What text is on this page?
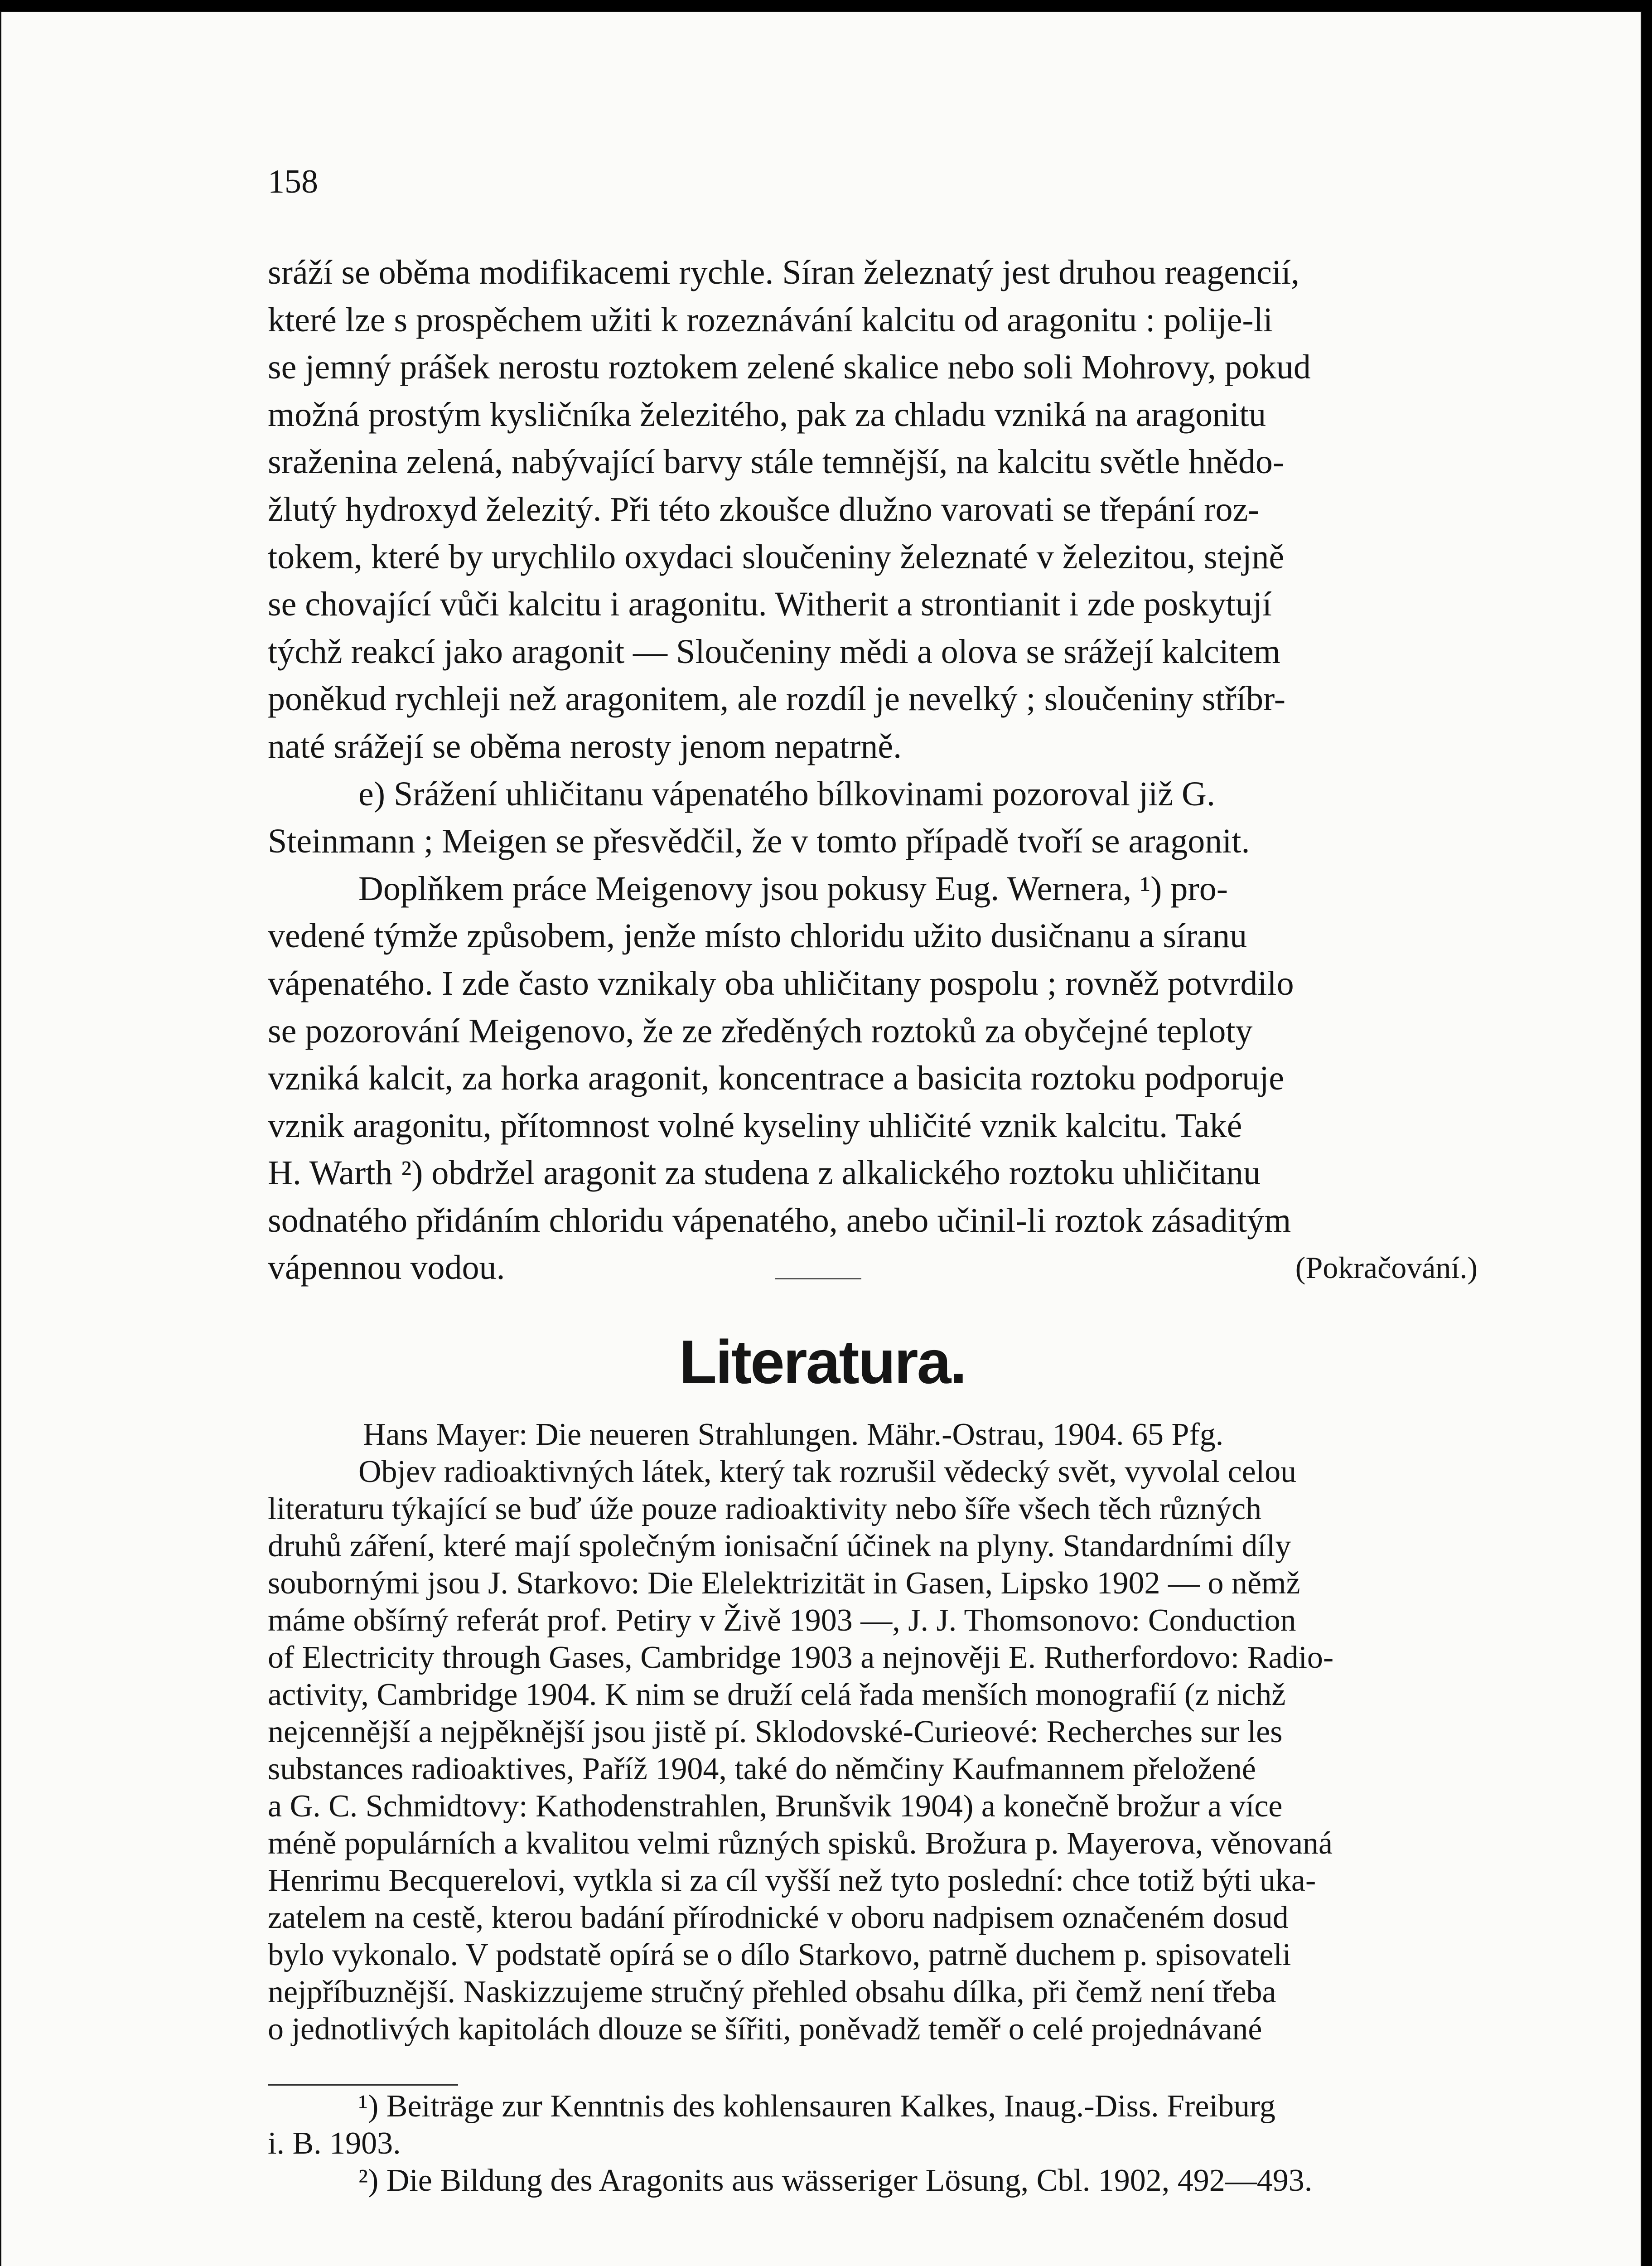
158
sráží se oběma modifikacemi rychle. Síran železnatý jest druhou reagencií,
které lze s prospěchem užiti k rozeznávání kalcitu od aragonitu : polije-li
se jemný prášek nerostu roztokem zelené skalice nebo soli Mohrovy, pokud
možná prostým kysličníka železitého, pak za chladu vzniká na aragonitu
sraženina zelená, nabývající barvy stále temnější, na kalcitu světle hnědo-
žlutý hydroxyd železitý. Při této zkoušce dlužno varovati se třepání roz-
tokem, které by urychlilo oxydaci sloučeniny železnaté v železitou, stejně
se chovající vůči kalcitu i aragonitu. Witherit a strontianit i zde poskytují
týchž reakcí jako aragonit — Sloučeniny mědi a olova se srážejí kalcitem
poněkud rychleji než aragonitem, ale rozdíl je nevelký ; sloučeniny stříbr-
naté srážejí se oběma nerosty jenom nepatrně.
e) Srážení uhličitanu vápenatého bílkovinami pozoroval již G.
Steinmann ; Meigen se přesvědčil, že v tomto případě tvoří se aragonit.
Doplňkem práce Meigenovy jsou pokusy Eug. Wernera, ¹) pro-
vedené týmže způsobem, jenže místo chloridu užito dusičnanu a síranu
vápenatého. I zde často vznikaly oba uhličitany pospolu ; rovněž potvrdilo
se pozorování Meigenovo, že ze zředěných roztoků za obyčejné teploty
vzniká kalcit, za horka aragonit, koncentrace a basicita roztoku podporuje
vznik aragonitu, přítomnost volné kyseliny uhličité vznik kalcitu. Také
H. Warth ²) obdržel aragonit za studena z alkalického roztoku uhličitanu
sodnatého přidáním chloridu vápenatého, anebo učinil-li roztok zásaditým
vápennou vodou.	(Pokračování.)
Literatura.
Hans Mayer: Die neueren Strahlungen. Mähr.-Ostrau, 1904. 65 Pfg.
Objev radioaktivných látek, který tak rozrušil vědecký svět, vyvolal celou
literaturu týkající se buď úže pouze radioaktivity nebo šíře všech těch různých
druhů záření, které mají společným ionisační účinek na plyny. Standardními díly
soubornými jsou J. Starkovo: Die Elelektrizität in Gasen, Lipsko 1902 — o němž
máme obšírný referát prof. Petiry v Živě 1903 —, J. J. Thomsonovo: Conduction
of Electricity through Gases, Cambridge 1903 a nejnověji E. Rutherfordovo: Radio-
activity, Cambridge 1904. K nim se druží celá řada menších monografií (z nichž
nejcennější a nejpěknější jsou jistě pí. Sklodovské-Curieové: Recherches sur les
substances radioaktives, Paříž 1904, také do němčiny Kaufmannem přeložené
a G. C. Schmidtovy: Kathodenstrahlen, Brunšvik 1904) a konečně brožur a více
méně populárních a kvalitou velmi různých spisků. Brožura p. Mayerova, věnovaná
Henrimu Becquerelovi, vytkla si za cíl vyšší než tyto poslední: chce totiž býti uka-
zatelem na cestě, kterou badání přírodnické v oboru nadpisem označeném dosud
bylo vykonalo. V podstatě opírá se o dílo Starkovo, patrně duchem p. spisovateli
nejpříbuznější. Naskizzujeme stručný přehled obsahu dílka, při čemž není třeba
o jednotlivých kapitolách dlouze se šířiti, poněvadž teměř o celé projednávané
¹) Beiträge zur Kenntnis des kohlensauren Kalkes, Inaug.-Diss. Freiburg
i. B. 1903.
²) Die Bildung des Aragonits aus wässeriger Lösung, Cbl. 1902, 492—493.
